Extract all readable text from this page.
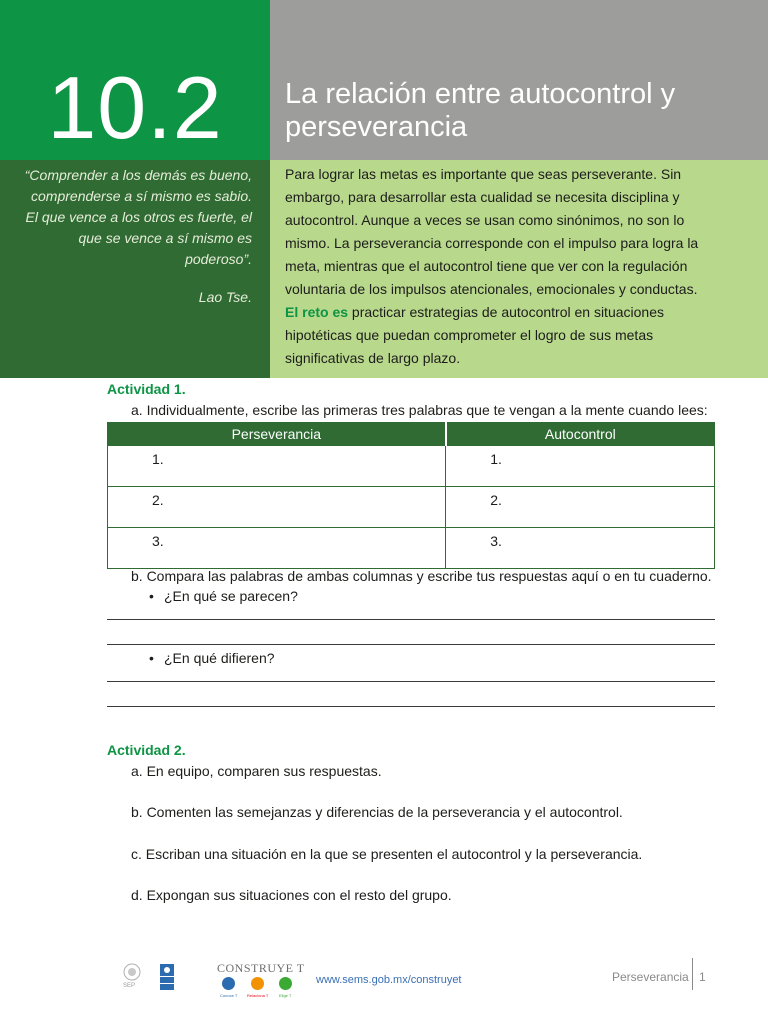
10.2	La relación entre autocontrol y perseverancia
“Comprender a los demás es bueno, comprenderse a sí mismo es sabio. El que vence a los otros es fuerte, el que se vence a sí mismo es poderoso”.
Lao Tse.
Para lograr las metas es importante que seas perseverante. Sin embargo, para desarrollar esta cualidad se necesita disciplina y autocontrol. Aunque a veces se usan como sinónimos, no son lo mismo. La perseverancia corresponde con el impulso para logra la meta, mientras que el autocontrol tiene que ver con la regulación voluntaria de los impulsos atencionales, emocionales y conductas.
El reto es practicar estrategias de autocontrol en situaciones hipotéticas que puedan comprometer el logro de sus metas significativas de largo plazo.
Actividad 1.
a. Individualmente, escribe las primeras tres palabras que te vengan a la mente cuando lees:
Perseverancia	Autocontrol
1.	1.
2.	2.
3.	3.
b. Compara las palabras de ambas columnas y escribe tus respuestas aquí o en tu cuaderno.
• ¿En qué se parecen?
• ¿En qué difieren?
Actividad 2.
a. En equipo, comparen sus respuestas.
b. Comenten las semejanzas y diferencias de la perseverancia y el autocontrol.
c. Escriban una situación en la que se presenten el autocontrol y la perseverancia.
d. Expongan sus situaciones con el resto del grupo.
SEP
CONSTRUYE T
Conoce T Relaciona T	Elige T
www.sems.gob.mx/construyet	Perseverancia 1
